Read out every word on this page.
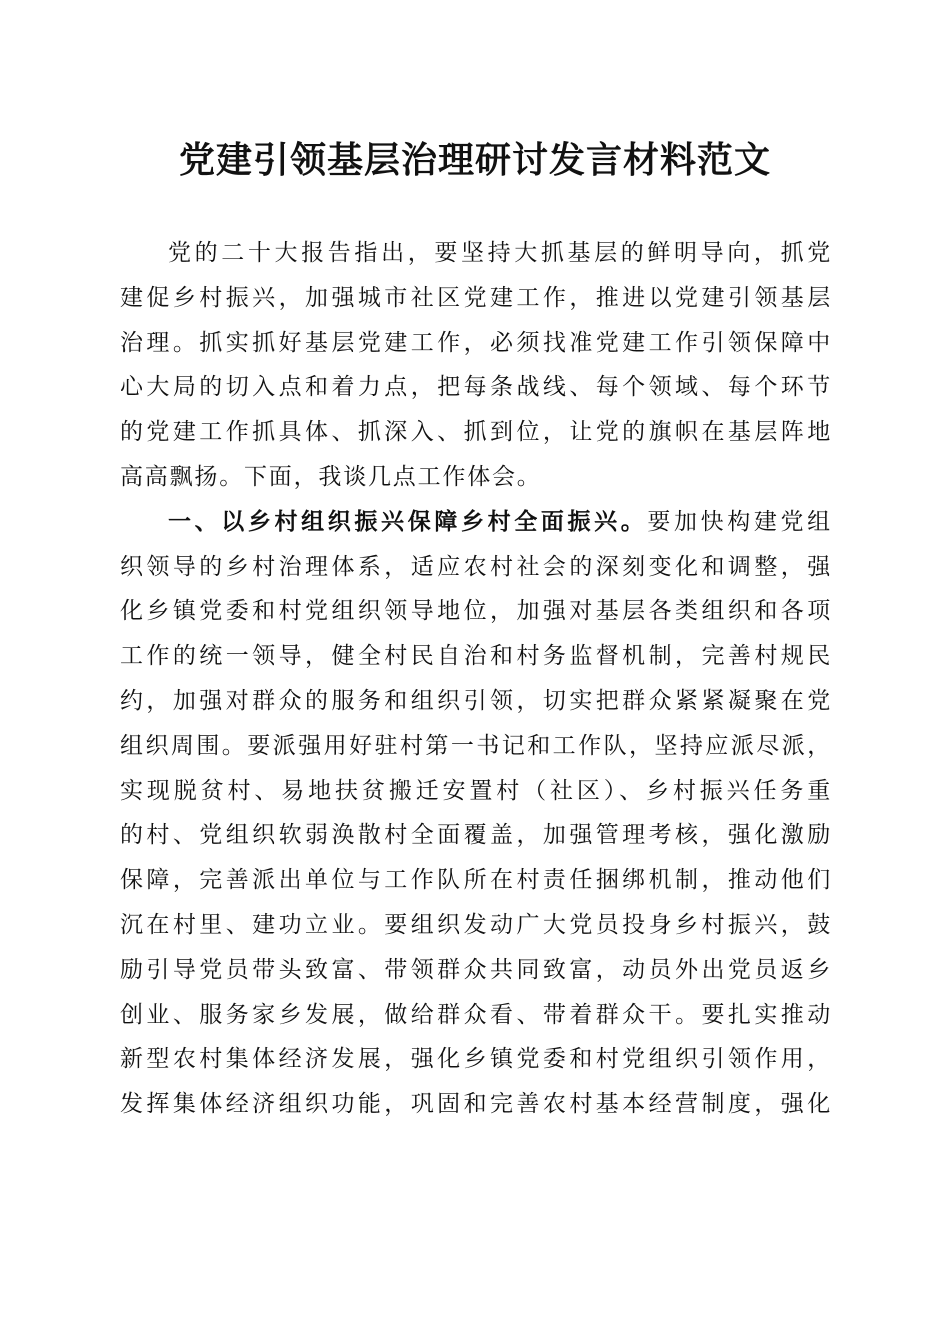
党建引领基层治理研讨发言材料范文
党的二十大报告指出，要坚持大抓基层的鲜明导向，抓党
建促乡村振兴，加强城市社区党建工作，推进以党建引领基层
治理。抓实抓好基层党建工作，必须找准党建工作引领保障中
心大局的切入点和着力点，把每条战线、每个领域、每个环节
的党建工作抓具体、抓深入、抓到位，让党的旗帜在基层阵地
高高飘扬。下面，我谈几点工作体会。
一、以乡村组织振兴保障乡村全面振兴。要加快构建党组
织领导的乡村治理体系，适应农村社会的深刻变化和调整，强
化乡镇党委和村党组织领导地位，加强对基层各类组织和各项
工作的统一领导，健全村民自治和村务监督机制，完善村规民
约，加强对群众的服务和组织引领，切实把群众紧紧凝聚在党
组织周围。要派强用好驻村第一书记和工作队，坚持应派尽派，
实现脱贫村、易地扶贫搬迁安置村（社区）、乡村振兴任务重
的村、党组织软弱涣散村全面覆盖，加强管理考核，强化激励
保障，完善派出单位与工作队所在村责任捆绑机制，推动他们
沉在村里、建功立业。要组织发动广大党员投身乡村振兴，鼓
励引导党员带头致富、带领群众共同致富，动员外出党员返乡
创业、服务家乡发展，做给群众看、带着群众干。要扎实推动
新型农村集体经济发展，强化乡镇党委和村党组织引领作用，
发挥集体经济组织功能，巩固和完善农村基本经营制度，强化
